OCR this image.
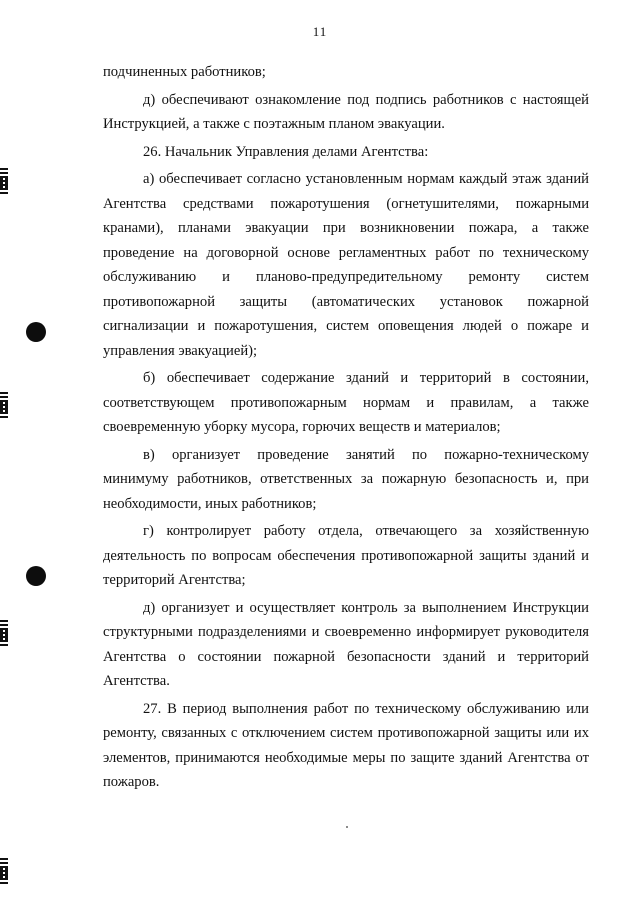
11

подчиненных работников;

д) обеспечивают ознакомление под подпись работников с настоящей Инструкцией, а также с поэтажным планом эвакуации.

26. Начальник Управления делами Агентства:

а) обеспечивает согласно установленным нормам каждый этаж зданий Агентства средствами пожаротушения (огнетушителями, пожарными кранами), планами эвакуации при возникновении пожара, а также проведение на договорной основе регламентных работ по техническому обслуживанию и планово-предупредительному ремонту систем противопожарной защиты (автоматических установок пожарной сигнализации и пожаротушения, систем оповещения людей о пожаре и управления эвакуацией);

б) обеспечивает содержание зданий и территорий в состоянии, соответствующем противопожарным нормам и правилам, а также своевременную уборку мусора, горючих веществ и материалов;

в) организует проведение занятий по пожарно-техническому минимуму работников, ответственных за пожарную безопасность и, при необходимости, иных работников;

г) контролирует работу отдела, отвечающего за хозяйственную деятельность по вопросам обеспечения противопожарной защиты зданий и территорий Агентства;

д) организует и осуществляет контроль за выполнением Инструкции структурными подразделениями и своевременно информирует руководителя Агентства о состоянии пожарной безопасности зданий и территорий Агентства.

27. В период выполнения работ по техническому обслуживанию или ремонту, связанных с отключением систем противопожарной защиты или их элементов, принимаются необходимые меры по защите зданий Агентства от пожаров.
